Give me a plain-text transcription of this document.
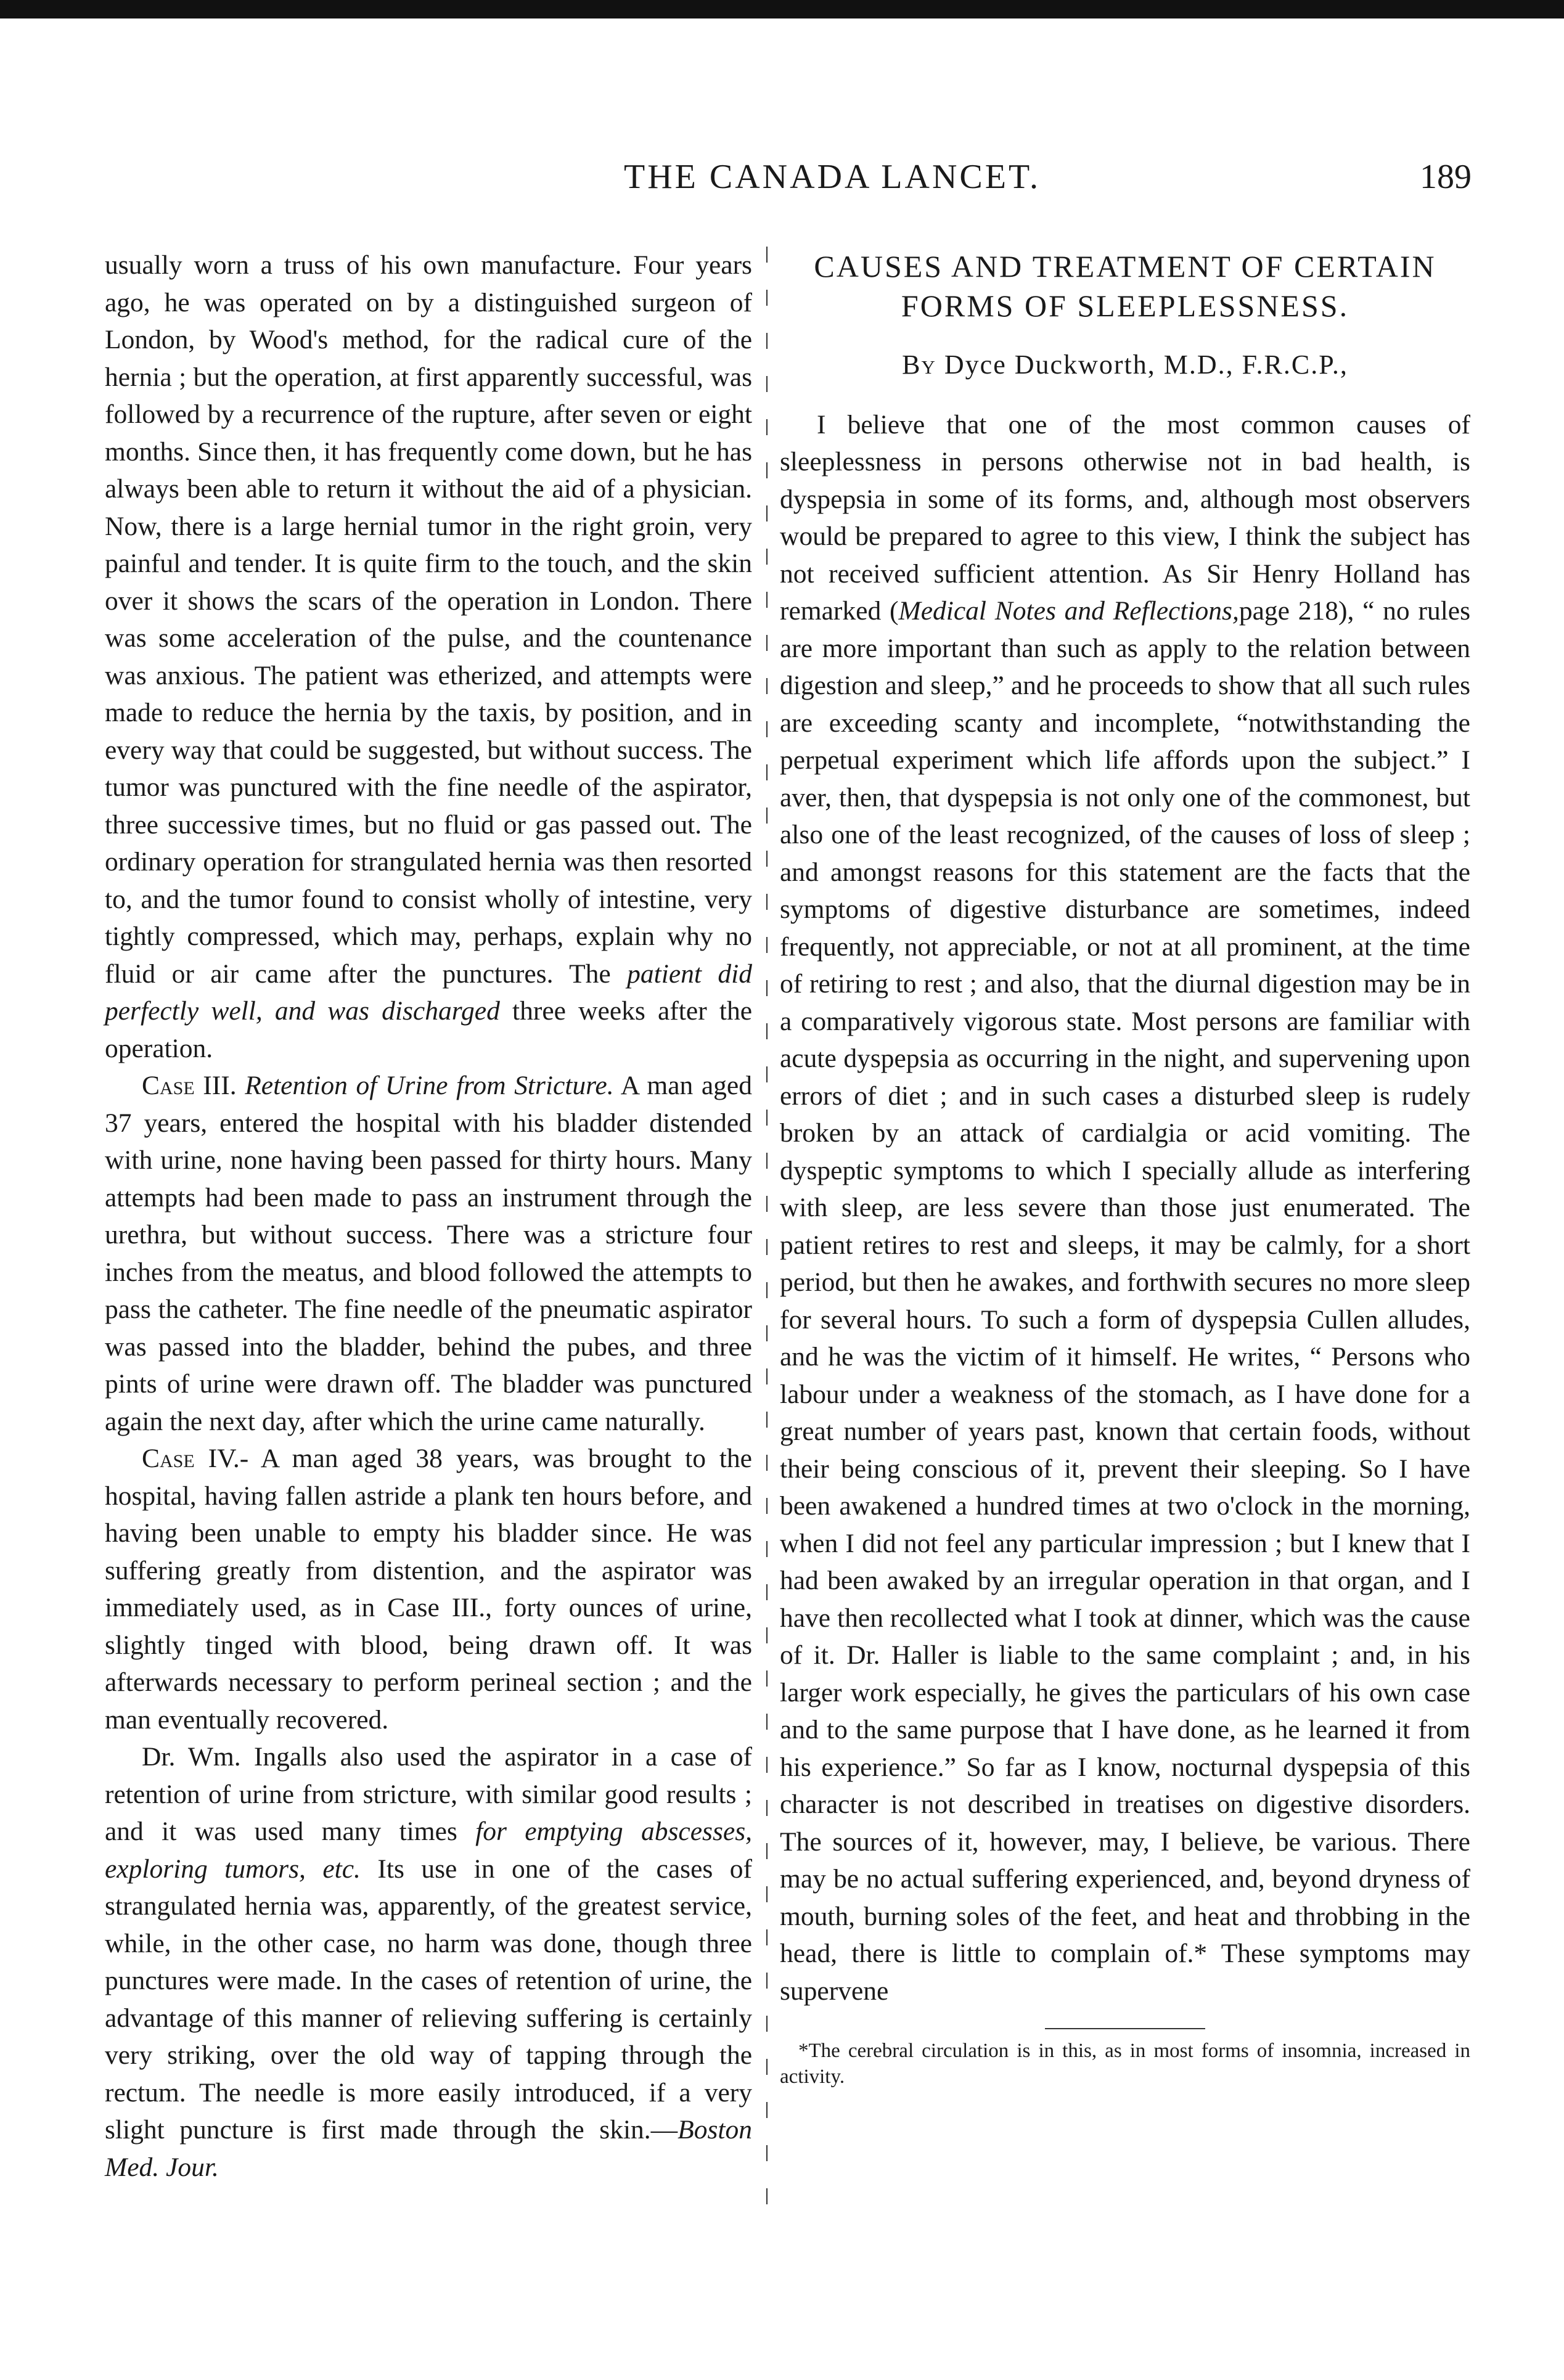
THE CANADA LANCET.	189

usually worn a truss of his own manufacture. Four years ago, he was operated on by a distinguished surgeon of London, by Wood's method, for the radical cure of the hernia ; but the operation, at first apparently successful, was followed by a recurrence of the rupture, after seven or eight months. Since then, it has frequently come down, but he has always been able to return it without the aid of a physician. Now, there is a large hernial tumor in the right groin, very painful and tender. It is quite firm to the touch, and the skin over it shows the scars of the operation in London. There was some acceleration of the pulse, and the countenance was anxious. The patient was etherized, and attempts were made to reduce the hernia by the taxis, by position, and in every way that could be suggested, but without success. The tumor was punctured with the fine needle of the aspirator, three successive times, but no fluid or gas passed out. The ordinary operation for strangulated hernia was then resorted to, and the tumor found to consist wholly of intestine, very tightly compressed, which may, perhaps, explain why no fluid or air came after the punctures. The patient did perfectly well, and was discharged three weeks after the operation.

Case III. Retention of Urine from Stricture. A man aged 37 years, entered the hospital with his bladder distended with urine, none having been passed for thirty hours. Many attempts had been made to pass an instrument through the urethra, but without success. There was a stricture four inches from the meatus, and blood followed the attempts to pass the catheter. The fine needle of the pneumatic aspirator was passed into the bladder, behind the pubes, and three pints of urine were drawn off. The bladder was punctured again the next day, after which the urine came naturally.

Case IV.- A man aged 38 years, was brought to the hospital, having fallen astride a plank ten hours before, and having been unable to empty his bladder since. He was suffering greatly from distention, and the aspirator was immediately used, as in Case III., forty ounces of urine, slightly tinged with blood, being drawn off. It was afterwards necessary to perform perineal section ; and the man eventually recovered.

Dr. Wm. Ingalls also used the aspirator in a case of retention of urine from stricture, with similar good results ; and it was used many times for emptying abscesses, exploring tumors, etc. Its use in one of the cases of strangulated hernia was, apparently, of the greatest service, while, in the other case, no harm was done, though three punctures were made. In the cases of retention of urine, the advantage of this manner of relieving suffering is certainly very striking, over the old way of tapping through the rectum. The needle is more easily introduced, if a very slight puncture is first made through the skin.—Boston Med. Jour.

CAUSES AND TREATMENT OF CERTAIN
FORMS OF SLEEPLESSNESS.
By Dyce Duckworth, M.D., F.R.C.P.,

I believe that one of the most common causes of sleeplessness in persons otherwise not in bad health, is dyspepsia in some of its forms, and, although most observers would be prepared to agree to this view, I think the subject has not received sufficient attention. As Sir Henry Holland has remarked (Medical Notes and Reflections,page 218), “ no rules are more important than such as apply to the relation between digestion and sleep,” and he proceeds to show that all such rules are exceeding scanty and incomplete, “notwithstanding the perpetual experiment which life affords upon the subject.” I aver, then, that dyspepsia is not only one of the commonest, but also one of the least recognized, of the causes of loss of sleep ; and amongst reasons for this statement are the facts that the symptoms of digestive disturbance are sometimes, indeed frequently, not appreciable, or not at all prominent, at the time of retiring to rest ; and also, that the diurnal digestion may be in a comparatively vigorous state. Most persons are familiar with acute dyspepsia as occurring in the night, and supervening upon errors of diet ; and in such cases a disturbed sleep is rudely broken by an attack of cardialgia or acid vomiting. The dyspeptic symptoms to which I specially allude as interfering with sleep, are less severe than those just enumerated. The patient retires to rest and sleeps, it may be calmly, for a short period, but then he awakes, and forthwith secures no more sleep for several hours. To such a form of dyspepsia Cullen alludes, and he was the victim of it himself. He writes, “ Persons who labour under a weakness of the stomach, as I have done for a great number of years past, known that certain foods, without their being conscious of it, prevent their sleeping. So I have been awakened a hundred times at two o'clock in the morning, when I did not feel any particular impression ; but I knew that I had been awaked by an irregular operation in that organ, and I have then recollected what I took at dinner, which was the cause of it. Dr. Haller is liable to the same complaint ; and, in his larger work especially, he gives the particulars of his own case and to the same purpose that I have done, as he learned it from his experience.” So far as I know, nocturnal dyspepsia of this character is not described in treatises on digestive disorders. The sources of it, however, may, I believe, be various. There may be no actual suffering experienced, and, beyond dryness of mouth, burning soles of the feet, and heat and throbbing in the head, there is little to complain of.* These symptoms may supervene

*The cerebral circulation is in this, as in most forms of insomnia, increased in activity.
